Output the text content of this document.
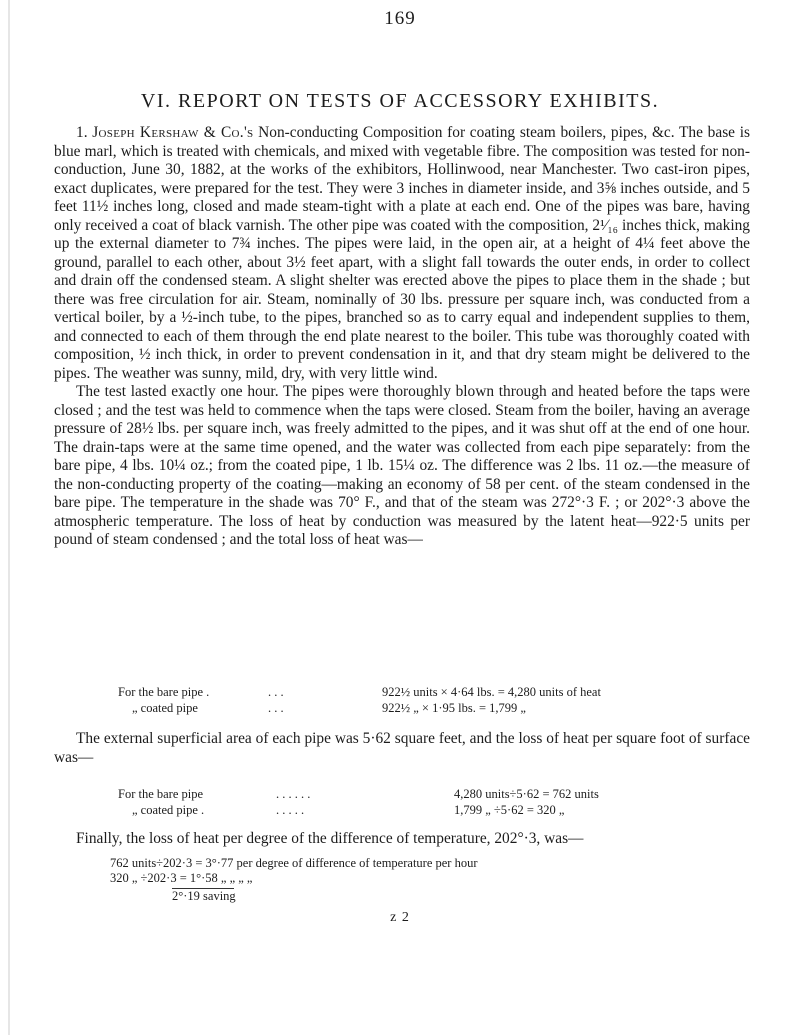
169
VI. REPORT ON TESTS OF ACCESSORY EXHIBITS.

1. Joseph Kershaw & Co.'s Non-conducting Composition for coating steam boilers, pipes, &c. The base is blue marl, which is treated with chemicals, and mixed with vegetable fibre. The composition was tested for non-conduction, June 30, 1882, at the works of the exhibitors, Hollinwood, near Manchester. Two cast-iron pipes, exact duplicates, were prepared for the test. They were 3 inches in diameter inside, and 3⅝ inches outside, and 5 feet 11½ inches long, closed and made steam-tight with a plate at each end. One of the pipes was bare, having only received a coat of black varnish. The other pipe was coated with the composition, 2¹⁄₁₆ inches thick, making up the external diameter to 7¾ inches. The pipes were laid, in the open air, at a height of 4¼ feet above the ground, parallel to each other, about 3½ feet apart, with a slight fall towards the outer ends, in order to collect and drain off the condensed steam. A slight shelter was erected above the pipes to place them in the shade ; but there was free circulation for air. Steam, nominally of 30 lbs. pressure per square inch, was conducted from a vertical boiler, by a ½-inch tube, to the pipes, branched so as to carry equal and independent supplies to them, and connected to each of them through the end plate nearest to the boiler. This tube was thoroughly coated with composition, ½ inch thick, in order to prevent condensation in it, and that dry steam might be delivered to the pipes. The weather was sunny, mild, dry, with very little wind.

The test lasted exactly one hour. The pipes were thoroughly blown through and heated before the taps were closed ; and the test was held to commence when the taps were closed. Steam from the boiler, having an average pressure of 28½ lbs. per square inch, was freely admitted to the pipes, and it was shut off at the end of one hour. The drain-taps were at the same time opened, and the water was collected from each pipe separately: from the bare pipe, 4 lbs. 10¼ oz.; from the coated pipe, 1 lb. 15¼ oz. The difference was 2 lbs. 11 oz.—the measure of the non-conducting property of the coating—making an economy of 58 per cent. of the steam condensed in the bare pipe. The temperature in the shade was 70° F., and that of the steam was 272°·3 F. ; or 202°·3 above the atmospheric temperature. The loss of heat by conduction was measured by the latent heat—922·5 units per pound of steam condensed ; and the total loss of heat was—

For the bare pipe .	. . .	922½ units × 4·64 lbs. = 4,280 units of heat
„ coated pipe	. . .	922½ „ × 1·95 lbs. = 1,799 „

The external superficial area of each pipe was 5·62 square feet, and the loss of heat per square foot of surface was—

For the bare pipe	. . . . . .	4,280 units÷5·62 = 762 units
„ coated pipe .	. . . . .	1,799 „ ÷5·62 = 320 „

Finally, the loss of heat per degree of the difference of temperature, 202°·3, was—

762 units÷202·3 = 3°·77 per degree of difference of temperature per hour
320 „ ÷202·3 = 1°·58 „ „ „ „
2°·19 saving
z 2
